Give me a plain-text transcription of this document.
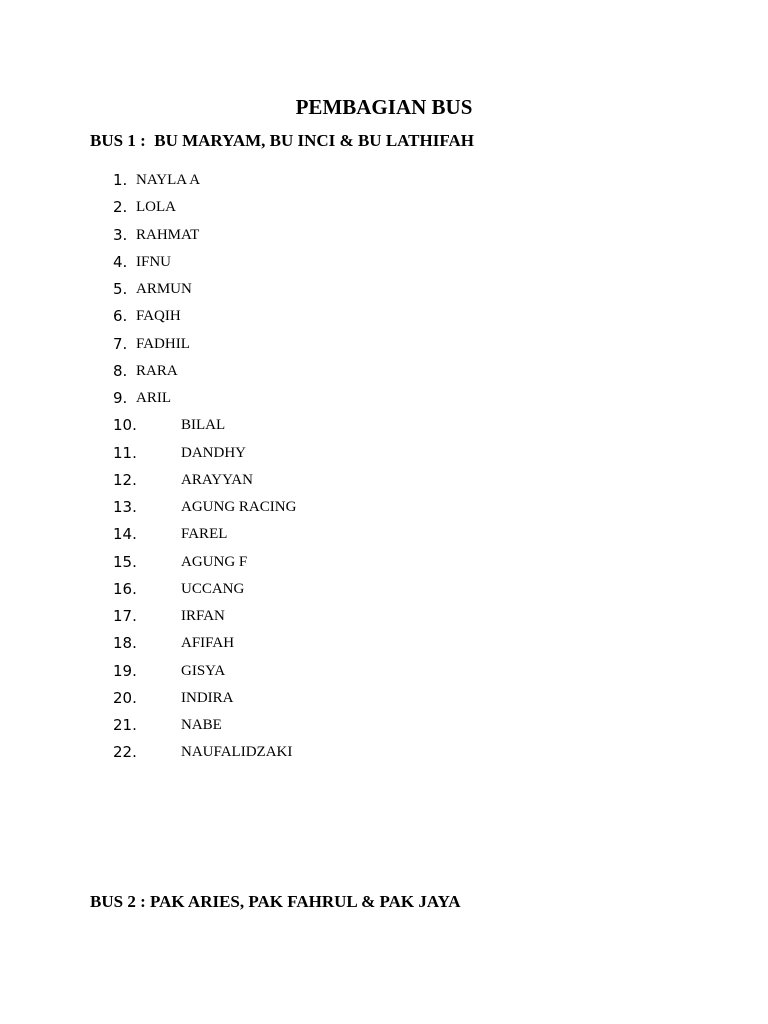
PEMBAGIAN BUS
BUS 1 :  BU MARYAM, BU INCI & BU LATHIFAH
1. NAYLA A
2. LOLA
3. RAHMAT
4. IFNU
5. ARMUN
6. FAQIH
7. FADHIL
8. RARA
9. ARIL
10.	BILAL
11.	DANDHY
12.	ARAYYAN
13.	AGUNG RACING
14.	FAREL
15.	AGUNG F
16.	UCCANG
17.	IRFAN
18.	AFIFAH
19.	GISYA
20.	INDIRA
21.	NABE
22.	NAUFALIDZAKI
BUS 2 : PAK ARIES, PAK FAHRUL & PAK JAYA
